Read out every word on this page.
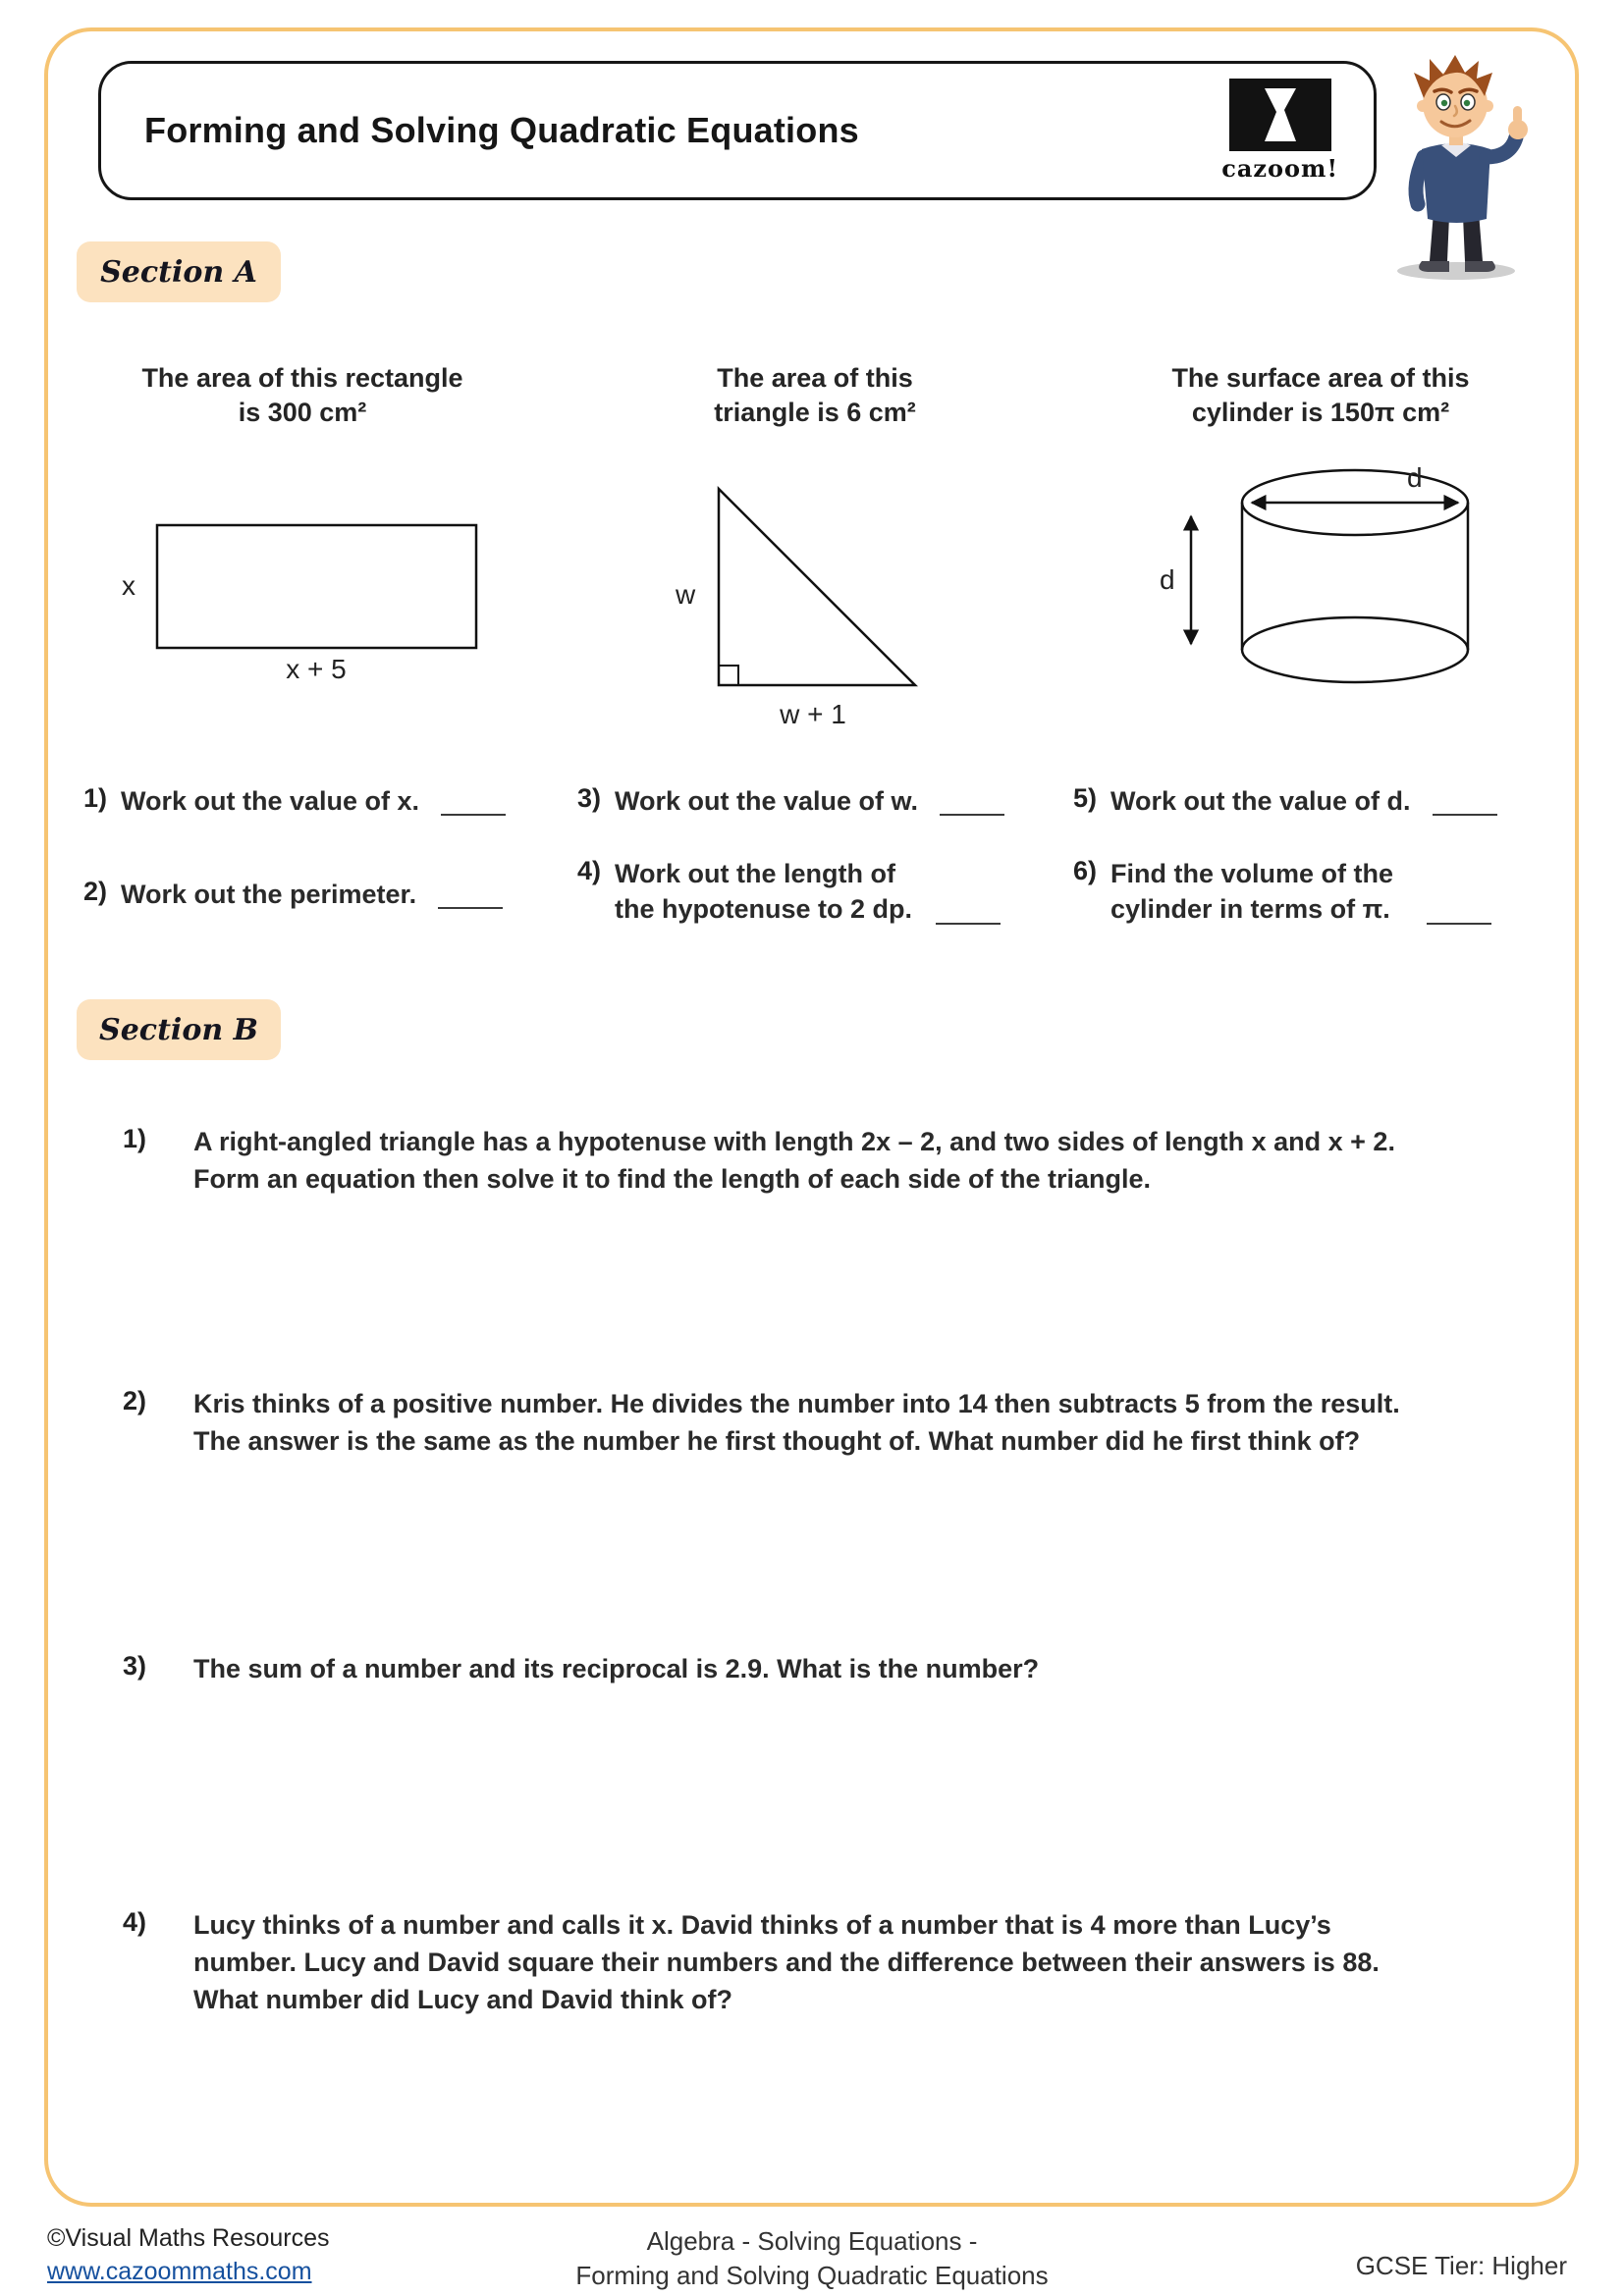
Forming and Solving Quadratic Equations
cazoom!
Section A
The area of this rectangle is 300 cm²
The area of this triangle is 6 cm²
The surface area of this cylinder is 150π cm²
x
x + 5
w
w + 1
d
d
1) Work out the value of x.	3) Work out the value of w.	5) Work out the value of d.
2) Work out the perimeter.
4) Work out the length of the hypotenuse to 2 dp.
6) Find the volume of the cylinder in terms of π.
Section B
1)	A right-angled triangle has a hypotenuse with length 2x – 2, and two sides of length x and x + 2. Form an equation then solve it to find the length of each side of the triangle.

2)	Kris thinks of a positive number. He divides the number into 14 then subtracts 5 from the result. The answer is the same as the number he first thought of. What number did he first think of?

3)	The sum of a number and its reciprocal is 2.9. What is the number?

4)	Lucy thinks of a number and calls it x. David thinks of a number that is 4 more than Lucy’s number. Lucy and David square their numbers and the difference between their answers is 88. What number did Lucy and David think of?

©Visual Maths Resources
www.cazoommaths.com
Algebra - Solving Equations -
Forming and Solving Quadratic Equations	GCSE Tier: Higher
